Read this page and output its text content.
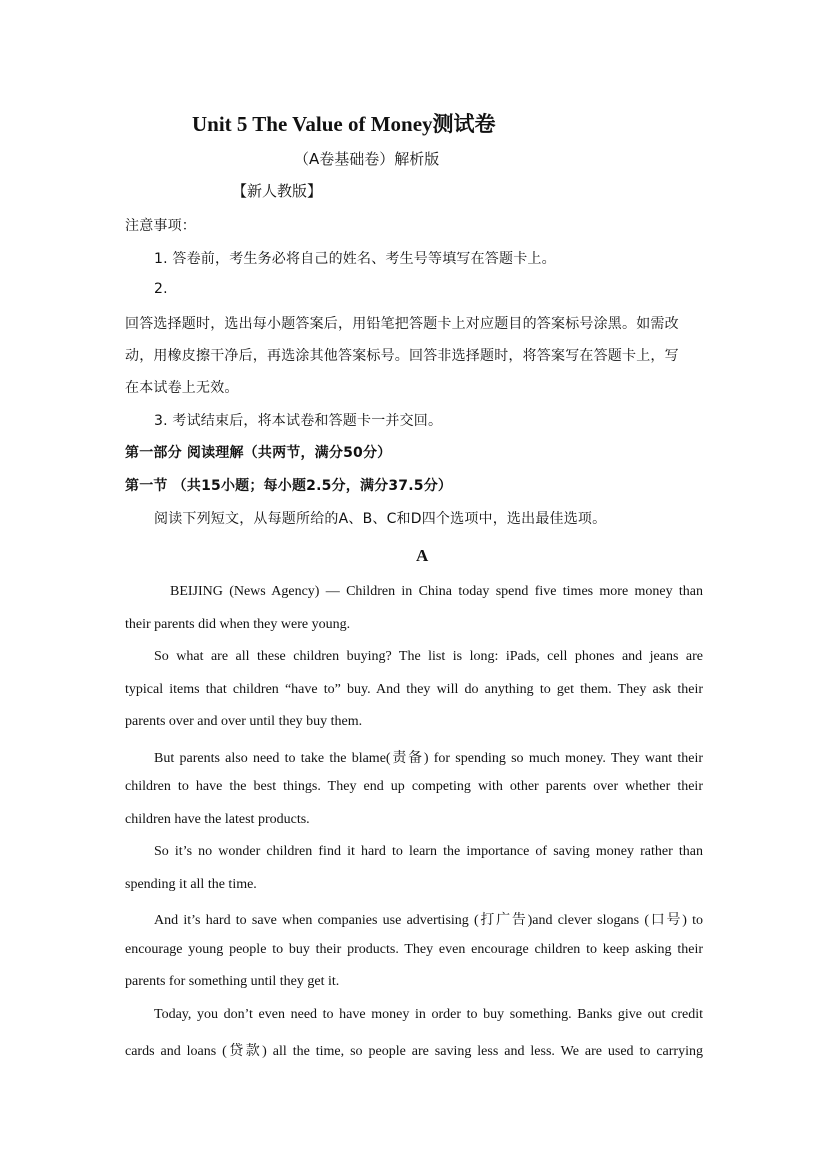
Unit 5 The Value of Money测试卷
（A卷基础卷）解析版
【新人教版】
注意事项：
1. 答卷前，考生务必将自己的姓名、考生号等填写在答题卡上。
2.
回答选择题时，选出每小题答案后，用铅笔把答题卡上对应题目的答案标号涂黑。如需改
动，用橡皮擦干净后，再选涂其他答案标号。回答非选择题时，将答案写在答题卡上，写
在本试卷上无效。
3. 考试结束后，将本试卷和答题卡一并交回。
第一部分 阅读理解（共两节，满分50分）
第一节 （共15小题；每小题2.5分，满分37.5分）
阅读下列短文，从每题所给的A、B、C和D四个选项中，选出最佳选项。
A
BEIJING (News Agency) — Children in China today spend five times more money than
their parents did when they were young.
So what are all these children buying? The list is long: iPads, cell phones and jeans are
typical items that children “have to” buy. And they will do anything to get them. They ask their
parents over and over until they buy them.
But parents also need to take the blame(责备) for spending so much money. They want their
children to have the best things. They end up competing with other parents over whether their
children have the latest products.
So it’s no wonder children find it hard to learn the importance of saving money rather than
spending it all the time.
And it’s hard to save when companies use advertising (打广告)and clever slogans (口号) to
encourage young people to buy their products. They even encourage children to keep asking their
parents for something until they get it.
Today, you don’t even need to have money in order to buy something. Banks give out credit
cards and loans (贷款) all the time, so people are saving less and less. We are used to carrying
